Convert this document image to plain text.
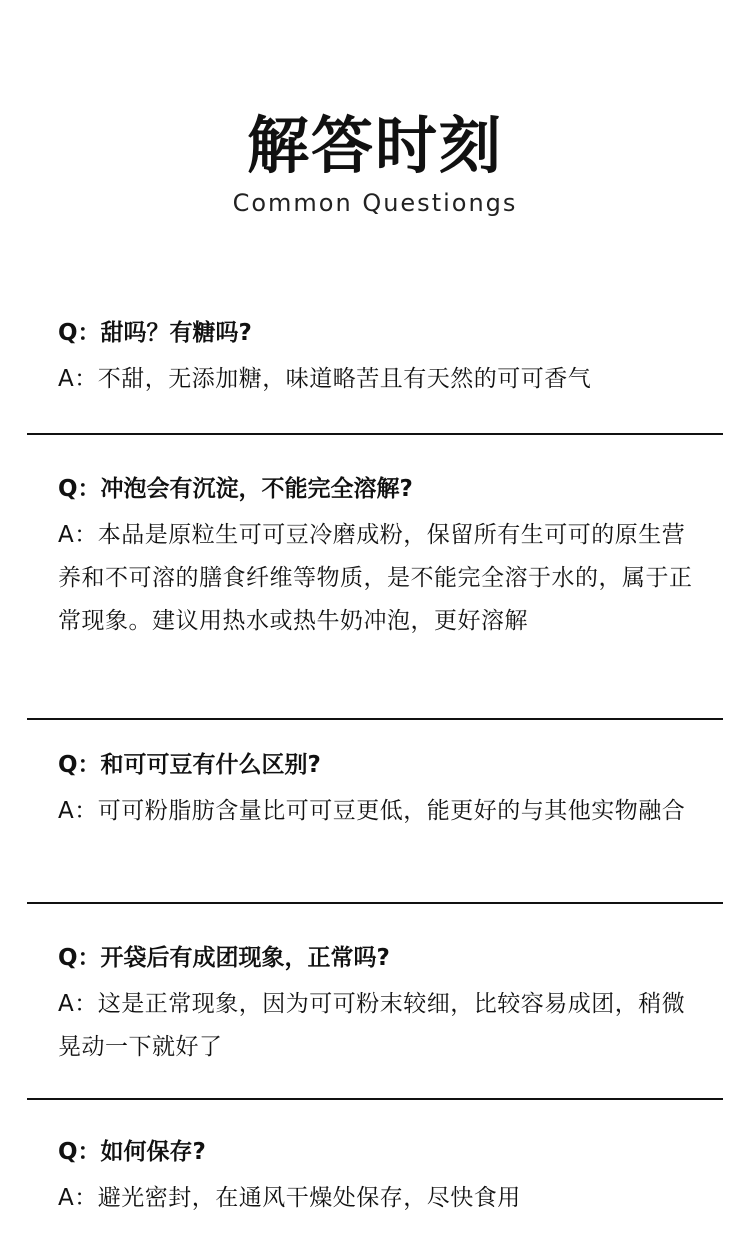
解答时刻
Common Questiongs
Q：甜吗？有糖吗?
A：不甜，无添加糖，味道略苦且有天然的可可香气
Q：冲泡会有沉淀，不能完全溶解?
A：本品是原粒生可可豆冷磨成粉，保留所有生可可的原生营养和不可溶的膳食纤维等物质，是不能完全溶于水的，属于正常现象。建议用热水或热牛奶冲泡，更好溶解
Q：和可可豆有什么区别?
A：可可粉脂肪含量比可可豆更低，能更好的与其他实物融合
Q：开袋后有成团现象，正常吗?
A：这是正常现象，因为可可粉末较细，比较容易成团，稍微晃动一下就好了
Q：如何保存?
A：避光密封，在通风干燥处保存，尽快食用
